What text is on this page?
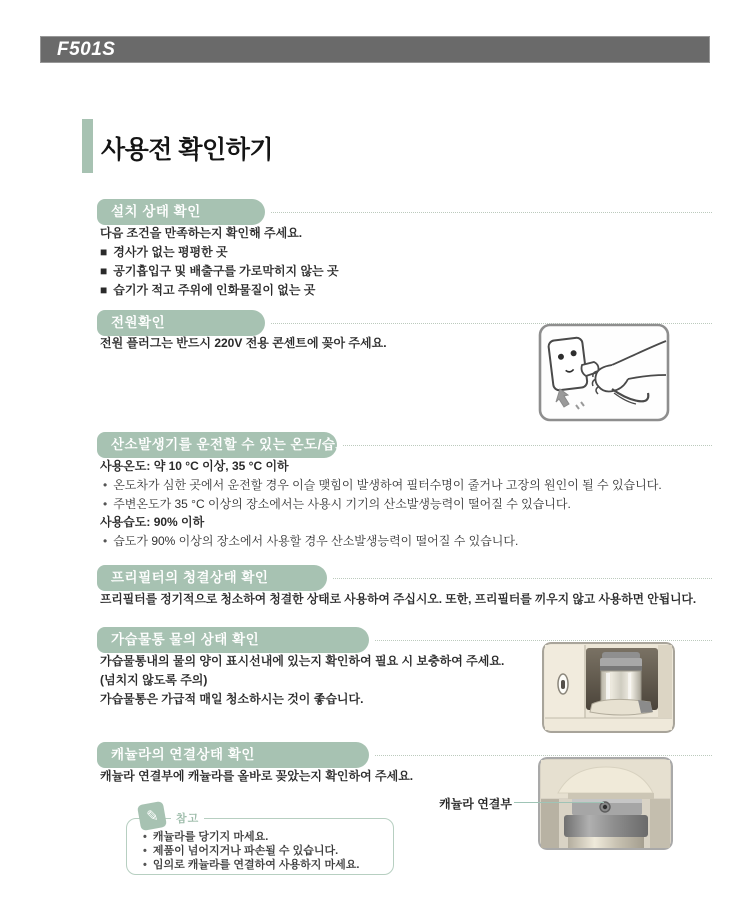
F501S
사용전 확인하기
설치 상태 확인
다음 조건을 만족하는지 확인해 주세요.
■ 경사가 없는 평평한 곳
■ 공기흡입구 및 배출구를 가로막히지 않는 곳
■ 습기가 적고 주위에 인화물질이 없는 곳
전원확인
전원 플러그는 반드시 220V 전용 콘센트에 꽂아 주세요.
산소발생기를 운전할 수 있는 온도/습도
사용온도: 약 10 °C 이상, 35 °C 이하
• 온도차가 심한 곳에서 운전할 경우 이슬 맺힘이 발생하여 필터수명이 줄거나 고장의 원인이 될 수 있습니다.
• 주변온도가 35 °C 이상의 장소에서는 사용시 기기의 산소발생능력이 떨어질 수 있습니다.
사용습도: 90% 이하
• 습도가 90% 이상의 장소에서 사용할 경우 산소발생능력이 떨어질 수 있습니다.
프리필터의 청결상태 확인
프리필터를 정기적으로 청소하여 청결한 상태로 사용하여 주십시오. 또한, 프리필터를 끼우지 않고 사용하면 안됩니다.
가습물통 물의 상태 확인
가습물통내의 물의 양이 표시선내에 있는지 확인하여 필요 시 보충하여 주세요.
(넘치지 않도록 주의)
가습물통은 가급적 매일 청소하시는 것이 좋습니다.
캐뉼라의 연결상태 확인
캐뉼라 연결부에 캐뉼라를 올바로 꽂았는지 확인하여 주세요.
캐뉼라 연결부
✎	참고
• 캐뉼라를 당기지 마세요.
• 제품이 넘어지거나 파손될 수 있습니다.
• 임의로 캐뉼라를 연결하여 사용하지 마세요.
